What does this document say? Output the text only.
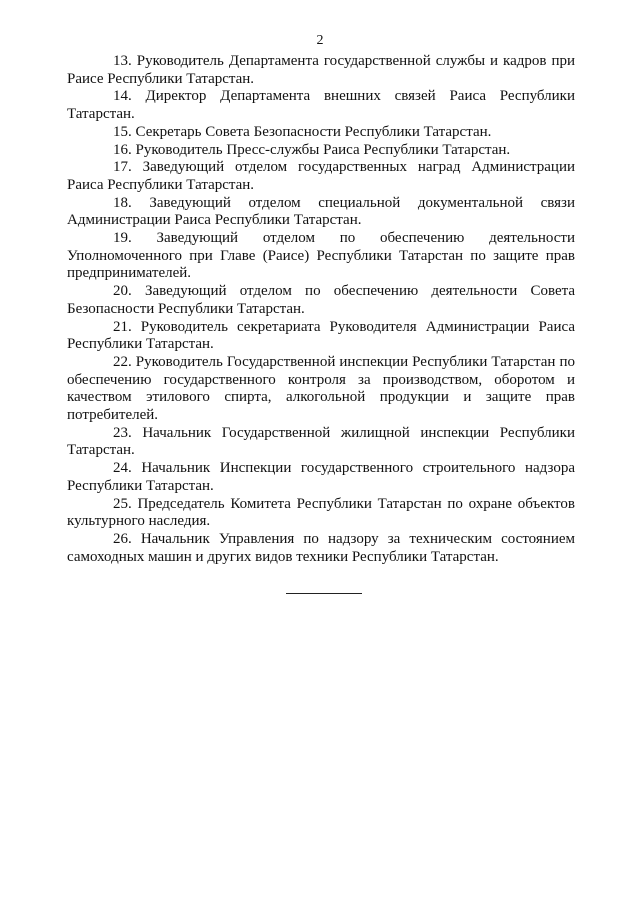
2

13. Руководитель Департамента государственной службы и кадров при Раисе Республики Татарстан.

14. Директор Департамента внешних связей Раиса Республики Татарстан.

15. Секретарь Совета Безопасности Республики Татарстан.

16. Руководитель Пресс-службы Раиса Республики Татарстан.

17. Заведующий отделом государственных наград Администрации Раиса Республики Татарстан.

18. Заведующий отделом специальной документальной связи Администрации Раиса Республики Татарстан.

19. Заведующий отделом по обеспечению деятельности Уполномоченного при Главе (Раисе) Республики Татарстан по защите прав предпринимателей.

20. Заведующий отделом по обеспечению деятельности Совета Безопасности Республики Татарстан.

21. Руководитель секретариата Руководителя Администрации Раиса Республики Татарстан.

22. Руководитель Государственной инспекции Республики Татарстан по обеспечению государственного контроля за производством, оборотом и качеством этилового спирта, алкогольной продукции и защите прав потребителей.

23. Начальник Государственной жилищной инспекции Республики Татарстан.

24. Начальник Инспекции государственного строительного надзора Республики Татарстан.

25. Председатель Комитета Республики Татарстан по охране объектов культурного наследия.

26. Начальник Управления по надзору за техническим состоянием самоходных машин и других видов техники Республики Татарстан.
